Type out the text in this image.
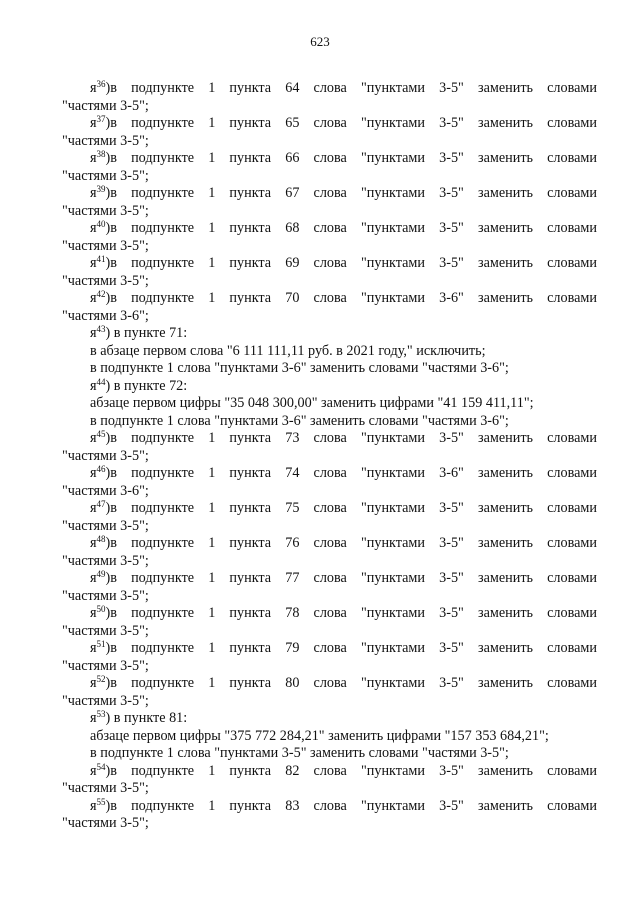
623

$я^{36})в$ подпункте 1 пункта 64 слова "пунктами 3-5" заменить словами

"частями 3-5";

$я^{37})в$ подпункте 1 пункта 65 слова "пунктами 3-5" заменить словами

"частями 3-5";

$я^{38})в$ подпункте 1 пункта 66 слова "пунктами 3-5" заменить словами

"частями 3-5";

$я^{39})в$ подпункте 1 пункта 67 слова "пунктами 3-5" заменить словами

"частями 3-5";

$я^{40})в$ подпункте 1 пункта 68 слова "пунктами 3-5" заменить словами

"частями 3-5";

$я^{41})в$ подпункте 1 пункта 69 слова "пунктами 3-5" заменить словами

"частями 3-5";

$я^{42})в$ подпункте 1 пункта 70 слова "пунктами 3-6" заменить словами

"частями 3-6";

$я^{43}$) в пункте 71:

в абзаце первом слова "6 111 111,11 руб. в 2021 году," исключить;

в подпункте 1 слова "пунктами 3-6" заменить словами "частями 3-6";

$я^{44}$) в пункте 72:

абзаце первом цифры "35 048 300,00" заменить цифрами "41 159 411,11";

в подпункте 1 слова "пунктами 3-6" заменить словами "частями 3-6";

$я^{45})в$ подпункте 1 пункта 73 слова "пунктами 3-5" заменить словами

"частями 3-5";

$я^{46})в$ подпункте 1 пункта 74 слова "пунктами 3-6" заменить словами

"частями 3-6";

$я^{47})в$ подпункте 1 пункта 75 слова "пунктами 3-5" заменить словами

"частями 3-5";

$я^{48})в$ подпункте 1 пункта 76 слова "пунктами 3-5" заменить словами

"частями 3-5";

$я^{49})в$ подпункте 1 пункта 77 слова "пунктами 3-5" заменить словами

"частями 3-5";

$я^{50})в$ подпункте 1 пункта 78 слова "пунктами 3-5" заменить словами

"частями 3-5";

$я^{51})в$ подпункте 1 пункта 79 слова "пунктами 3-5" заменить словами

"частями 3-5";

$я^{52})в$ подпункте 1 пункта 80 слова "пунктами 3-5" заменить словами

"частями 3-5";

$я^{53}$) в пункте 81:

абзаце первом цифры "375 772 284,21" заменить цифрами "157 353 684,21";

в подпункте 1 слова "пунктами 3-5" заменить словами "частями 3-5";

$я^{54})в$ подпункте 1 пункта 82 слова "пунктами 3-5" заменить словами

"частями 3-5";

$я^{55})в$ подпункте 1 пункта 83 слова "пунктами 3-5" заменить словами

"частями 3-5";
